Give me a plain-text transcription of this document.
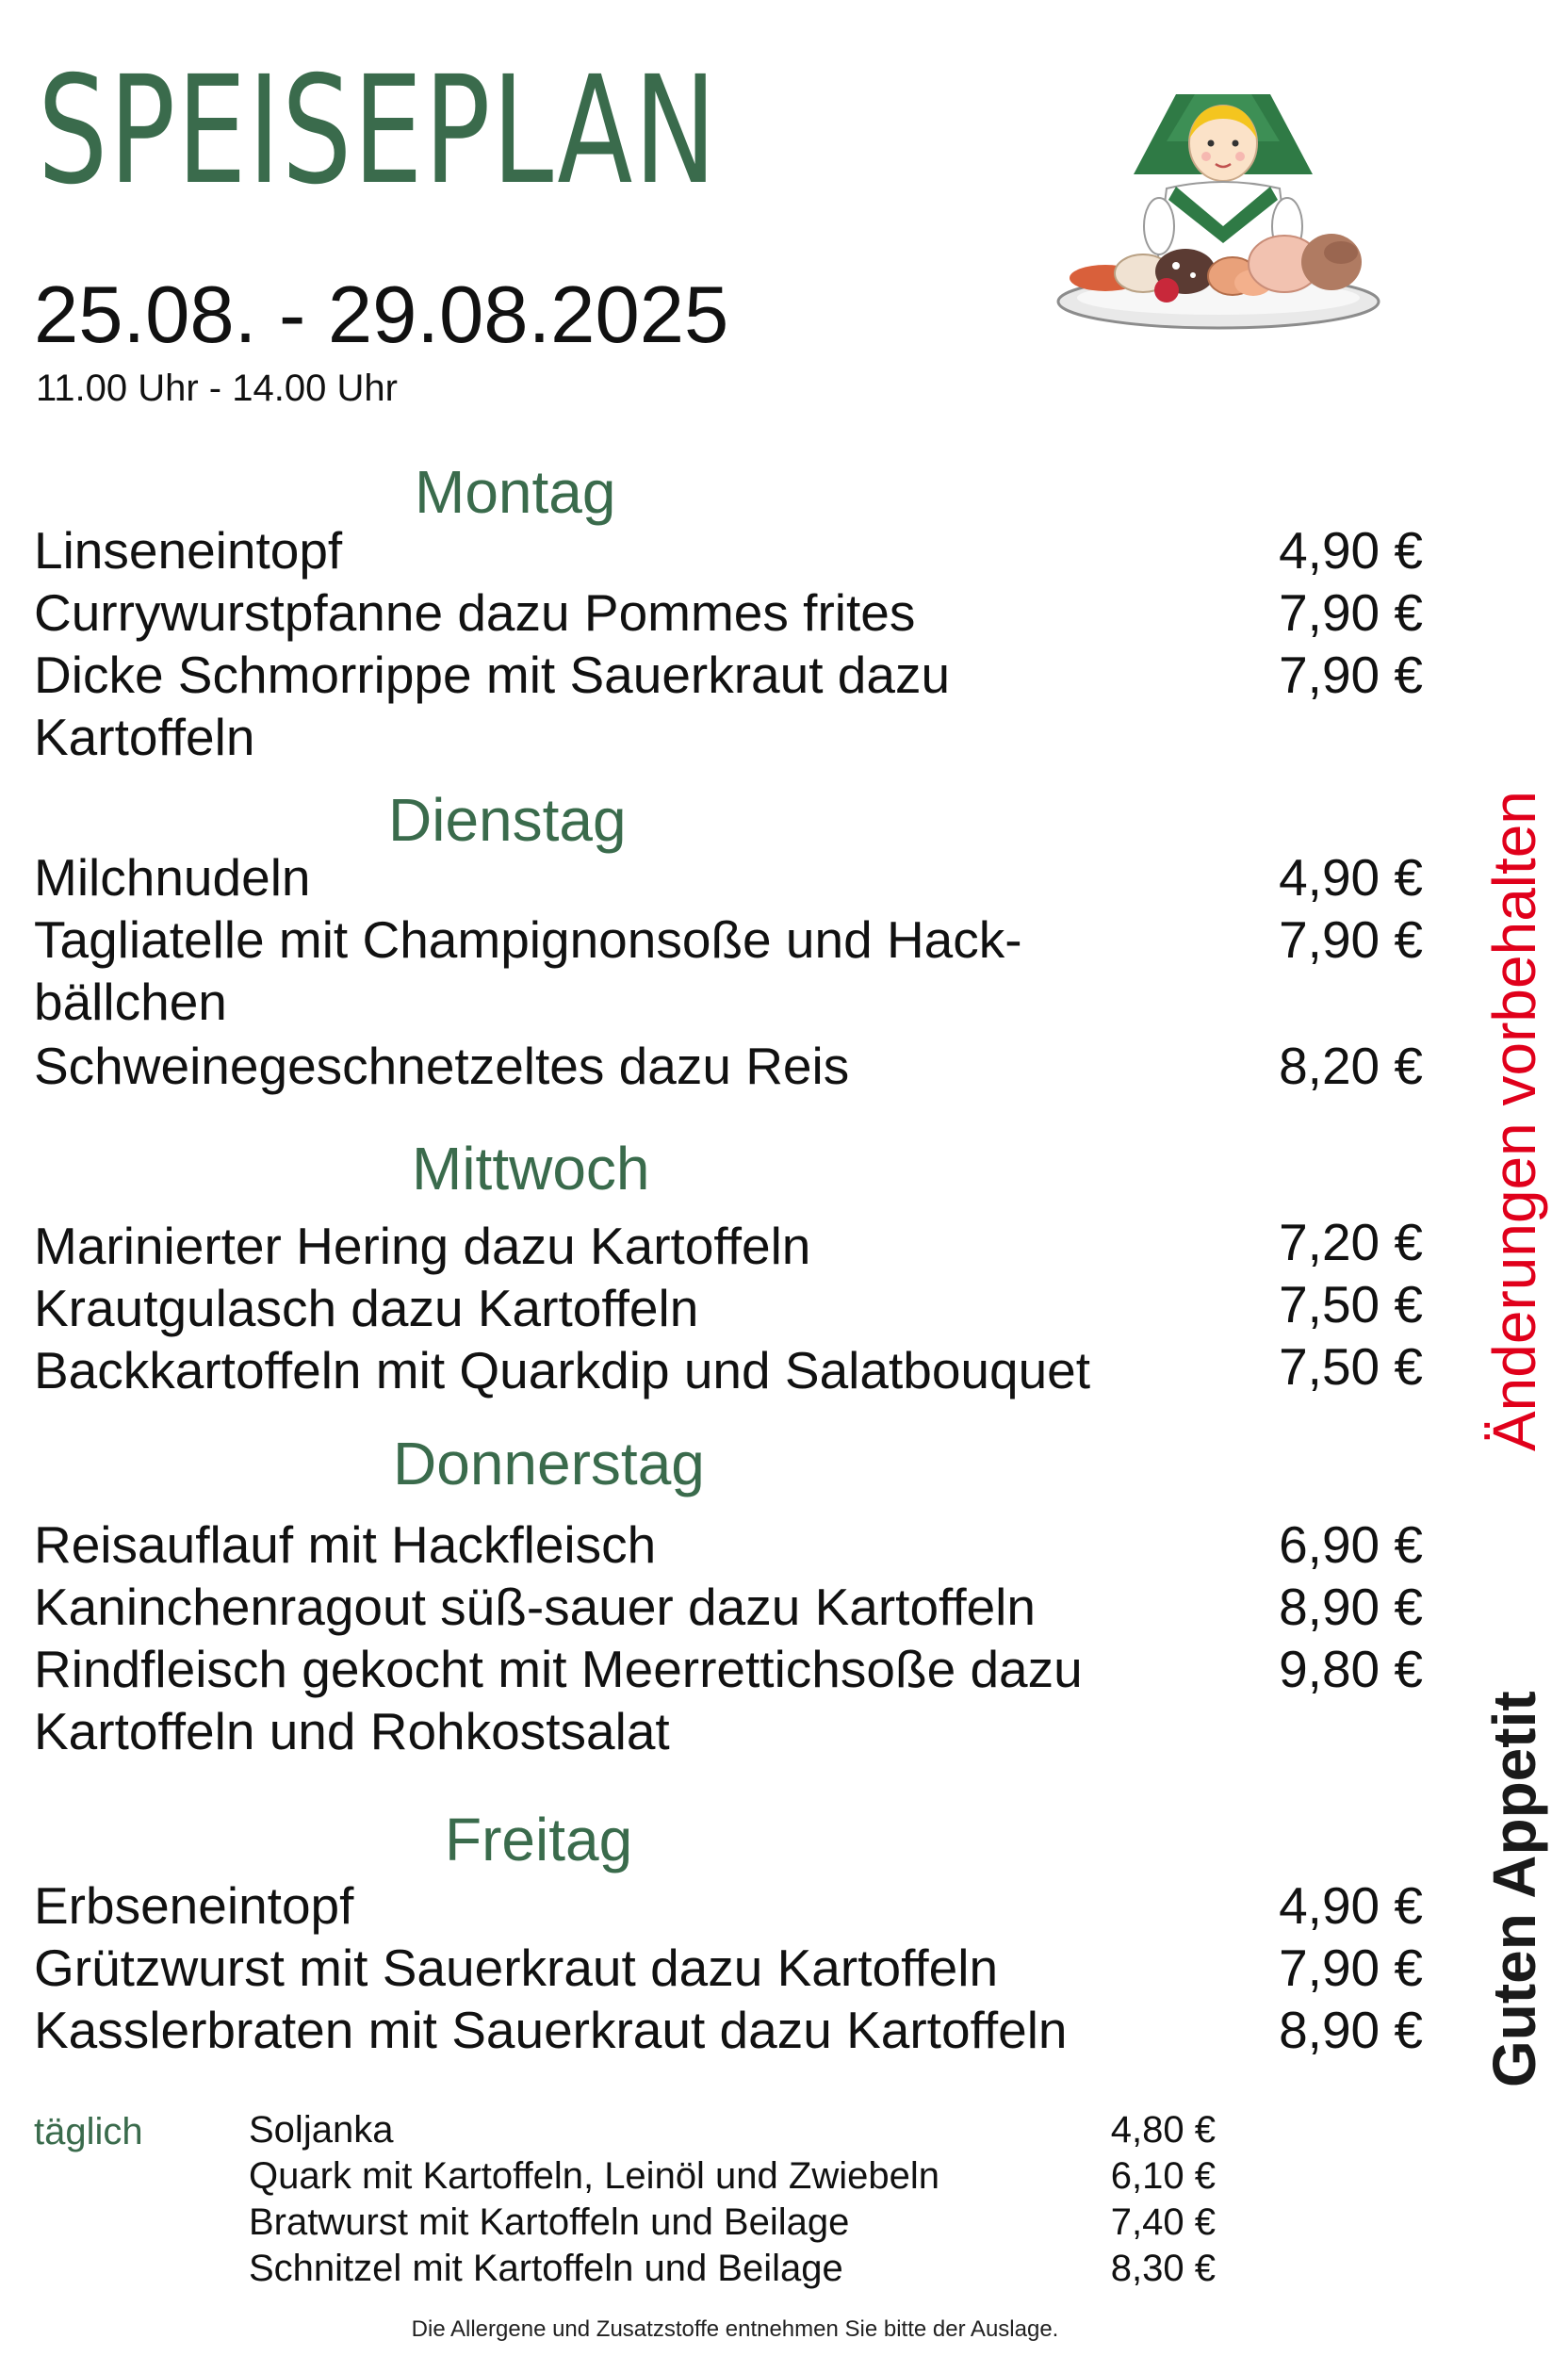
SPEISEPLAN
25.08. - 29.08.2025
11.00 Uhr - 14.00 Uhr
Montag
Linseneintopf	4,90 €
Currywurstpfanne dazu Pommes frites	7,90 €
Dicke Schmorrippe mit Sauerkraut dazu
Kartoffeln
7,90 €
Dienstag
Milchnudeln	4,90 €
Tagliatelle mit Champignonsoße und Hack-
bällchen
7,90 €
Schweinegeschnetzeltes dazu Reis	8,20 €
Mittwoch
Marinierter Hering dazu Kartoffeln	7,20 €
Krautgulasch dazu Kartoffeln	7,50 €
Backkartoffeln mit Quarkdip und Salatbouquet	7,50 €
Donnerstag
Reisauflauf mit Hackfleisch	6,90 €
Kaninchenragout süß-sauer dazu Kartoffeln	8,90 €
Rindfleisch gekocht mit Meerrettichsoße dazu
Kartoffeln und Rohkostsalat
9,80 €
Freitag
Erbseneintopf	4,90 €
Grützwurst mit Sauerkraut dazu Kartoffeln	7,90 €
Kasslerbraten mit Sauerkraut dazu Kartoffeln	8,90 €
Änderungen vorbehalten
Guten Appetit
täglich	Soljanka	4,80 €
Quark mit Kartoffeln, Leinöl und Zwiebeln	6,10 €
Bratwurst mit Kartoffeln und Beilage	7,40 €
Schnitzel mit Kartoffeln und Beilage	8,30 €
Die Allergene und Zusatzstoffe entnehmen Sie bitte der Auslage.
